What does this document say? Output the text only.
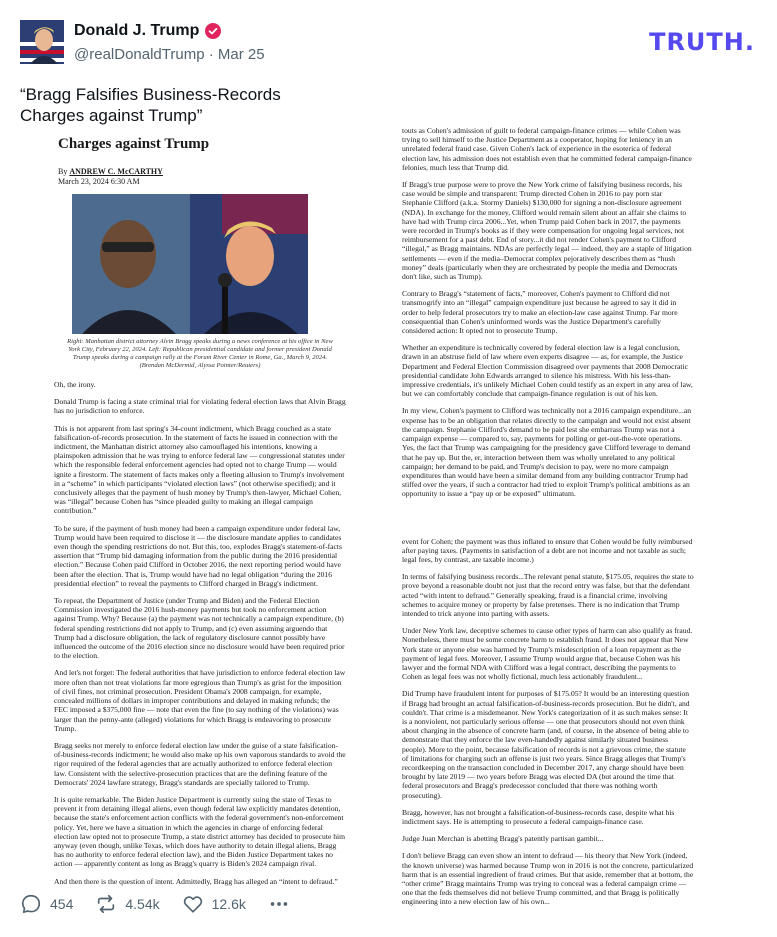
Donald J. Trump
@realDonaldTrump· Mar 25	TRUTH.
“Bragg Falsifies Business-Records
Charges against Trump”
Charges against Trump
By ANDREW C. McCARTHY
March 23, 2024 6:30 AM
Right: Manhattan district attorney Alvin Bragg speaks during a news conference at his office in New York City, February 22, 2024. Left: Republican presidential candidate and former president Donald Trump speaks during a campaign rally at the Forum River Center in Rome, Ga., March 9, 2024. (Brendan McDermid, Alyssa Pointer/Reuters)

Oh, the irony.

Donald Trump is facing a state criminal trial for violating federal election laws that Alvin Bragg has no jurisdiction to enforce.

This is not apparent from last spring's 34-count indictment, which Bragg couched as a state falsification-of-records prosecution. In the statement of facts he issued in connection with the indictment, the Manhattan district attorney also camouflaged his intentions, knowing a plainspoken admission that he was trying to enforce federal law — congressional statutes under which the responsible federal enforcement agencies had opted not to charge Trump — would ignite a firestorm. The statement of facts makes only a fleeting allusion to Trump's involvement in a “scheme” in which participants “violated election laws” (not otherwise specified); and it conclusively alleges that the payment of hush money by Trump's then-lawyer, Michael Cohen, was “illegal” because Cohen has “since pleaded guilty to making an illegal campaign contribution.”

To be sure, if the payment of hush money had been a campaign expenditure under federal law, Trump would have been required to disclose it — the disclosure mandate applies to candidates even though the spending restrictions do not. But this, too, explodes Bragg's statement-of-facts assertion that “Trump hid damaging information from the public during the 2016 presidential election.” Because Cohen paid Clifford in October 2016, the next reporting period would have been after the election. That is, Trump would have had no legal obligation “during the 2016 presidential election” to reveal the payments to Clifford charged in Bragg's indictment.

To repeat, the Department of Justice (under Trump and Biden) and the Federal Election Commission investigated the 2016 hush-money payments but took no enforcement action against Trump. Why? Because (a) the payment was not technically a campaign expenditure, (b) federal spending restrictions did not apply to Trump, and (c) even assuming arguendo that Trump had a disclosure obligation, the lack of regulatory disclosure cannot possibly have influenced the outcome of the 2016 election since no disclosure would have been required prior to the election.

And let's not forget: The federal authorities that have jurisdiction to enforce federal election law more often than not treat violations far more egregious than Trump's as grist for the imposition of civil fines, not criminal prosecution. President Obama's 2008 campaign, for example, concealed millions of dollars in improper contributions and delayed in making refunds; the FEC imposed a $375,000 fine — note that even the fine (to say nothing of the violations) was larger than the penny-ante (alleged) violations for which Bragg is endeavoring to prosecute Trump.

Bragg seeks not merely to enforce federal election law under the guise of a state falsification-of-business-records indictment; he would also make up his own vaporous standards to avoid the rigor required of the federal agencies that are actually authorized to enforce federal election law. Consistent with the selective-prosecution practices that are the defining feature of the Democrats' 2024 lawfare strategy, Bragg's standards are specially tailored to Trump.

It is quite remarkable. The Biden Justice Department is currently suing the state of Texas to prevent it from detaining illegal aliens, even though federal law explicitly mandates detention, because the state's enforcement action conflicts with the federal government's non-enforcement policy. Yet, here we have a situation in which the agencies in charge of enforcing federal election law opted not to prosecute Trump, a state district attorney has decided to prosecute him anyway (even though, unlike Texas, which does have authority to detain illegal aliens, Bragg has no authority to enforce federal election law), and the Biden Justice Department takes no action — apparently content as long as Bragg's quarry is Biden's 2024 campaign rival.

And then there is the question of intent. Admittedly, Bragg has alleged an “intent to defraud.”

touts as Cohen's admission of guilt to federal campaign-finance crimes — while Cohen was trying to sell himself to the Justice Department as a cooperator, hoping for leniency in an unrelated federal fraud case. Given Cohen's lack of experience in the esoterica of federal election law, his admission does not establish even that he committed federal campaign-finance felonies, much less that Trump did.

If Bragg's true purpose were to prove the New York crime of falsifying business records, his case would be simple and transparent: Trump directed Cohen in 2016 to pay porn star Stephanie Clifford (a.k.a. Stormy Daniels) $130,000 for signing a non-disclosure agreement (NDA). In exchange for the money, Clifford would remain silent about an affair she claims to have had with Trump circa 2006...Yet, when Trump paid Cohen back in 2017, the payments were recorded in Trump's books as if they were compensation for ongoing legal services, not reimbursement for a past debt. End of story...it did not render Cohen's payment to Clifford “illegal,” as Bragg maintains. NDAs are perfectly legal — indeed, they are a staple of litigation settlements — even if the media–Democrat complex pejoratively describes them as “hush money” deals (particularly when they are orchestrated by people the media and Democrats don't like, such as Trump).

Contrary to Bragg's “statement of facts,” moreover, Cohen's payment to Clifford did not transmogrify into an “illegal” campaign expenditure just because he agreed to say it did in order to help federal prosecutors try to make an election-law case against Trump. Far more consequential than Cohen's uninformed words was the Justice Department's carefully considered action: It opted not to prosecute Trump.

Whether an expenditure is technically covered by federal election law is a legal conclusion, drawn in an abstruse field of law where even experts disagree — as, for example, the Justice Department and Federal Election Commission disagreed over payments that 2008 Democratic presidential candidate John Edwards arranged to silence his mistress. With his less-than-impressive credentials, it's unlikely Michael Cohen could testify as an expert in any area of law, but we can comfortably conclude that campaign-finance regulation is out of his ken.

In my view, Cohen's payment to Clifford was technically not a 2016 campaign expenditure...an expense has to be an obligation that relates directly to the campaign and would not exist absent the campaign. Stephanie Clifford's demand to be paid lest she embarrass Trump was not a campaign expense — compared to, say, payments for polling or get-out-the-vote operations. Yes, the fact that Trump was campaigning for the presidency gave Clifford leverage to demand that he pay up. But the, er, interaction between them was wholly unrelated to any political campaign; her demand to be paid, and Trump's decision to pay, were no more campaign expenditures than would have been a similar demand from any building contractor Trump had stiffed over the years, if such a contractor had tried to exploit Trump's political ambitions as an opportunity to issue a “pay up or be exposed” ultimatum.

event for Cohen; the payment was thus inflated to ensure that Cohen would be fully reimbursed after paying taxes. (Payments in satisfaction of a debt are not income and not taxable as such; legal fees, by contrast, are taxable income.)

In terms of falsifying business records...The relevant penal statute, $175.05, requires the state to prove beyond a reasonable doubt not just that the record entry was false, but that the defendant acted “with intent to defraud.” Generally speaking, fraud is a financial crime, involving schemes to acquire money or property by false pretenses. There is no indication that Trump intended to trick anyone into parting with assets.

Under New York law, deceptive schemes to cause other types of harm can also qualify as fraud. Nonetheless, there must be some concrete harm to establish fraud. It does not appear that New York state or anyone else was harmed by Trump's misdescription of a loan repayment as the payment of legal fees. Moreover, I assume Trump would argue that, because Cohen was his lawyer and the formal NDA with Clifford was a legal contract, describing the payments to Cohen as legal fees was not wholly fictional, much less actionably fraudulent...

Did Trump have fraudulent intent for purposes of $175.05? It would be an interesting question if Bragg had brought an actual falsification-of-business-records prosecution. But he didn't, and couldn't. That crime is a misdemeanor. New York's categorization of it as such makes sense: It is a nonviolent, not particularly serious offense — one that prosecutors should not even think about charging in the absence of concrete harm (and, of course, in the absence of being able to demonstrate that they enforce the law even-handedly against similarly situated business people). More to the point, because falsification of records is not a grievous crime, the statute of limitations for charging such an offense is just two years. Since Bragg alleges that Trump's recordkeeping on the transaction concluded in December 2017, any charge should have been brought by late 2019 — two years before Bragg was elected DA (but around the time that federal prosecutors and Bragg's predecessor concluded that there was nothing worth prosecuting).

Bragg, however, has not brought a falsification-of-business-records case, despite what his indictment says. He is attempting to prosecute a federal campaign-finance case.

Judge Juan Merchan is abetting Bragg's patently partisan gambit...

I don't believe Bragg can even show an intent to defraud — his theory that New York (indeed, the known universe) was harmed because Trump won in 2016 is not the concrete, particularized harm that is an essential ingredient of fraud crimes. But that aside, remember that at bottom, the “other crime” Bragg maintains Trump was trying to conceal was a federal campaign crime — one that the feds themselves did not believe Trump committed, and that Bragg is politically engineering into a new election law of his own...

454	4.54k	12.6k
